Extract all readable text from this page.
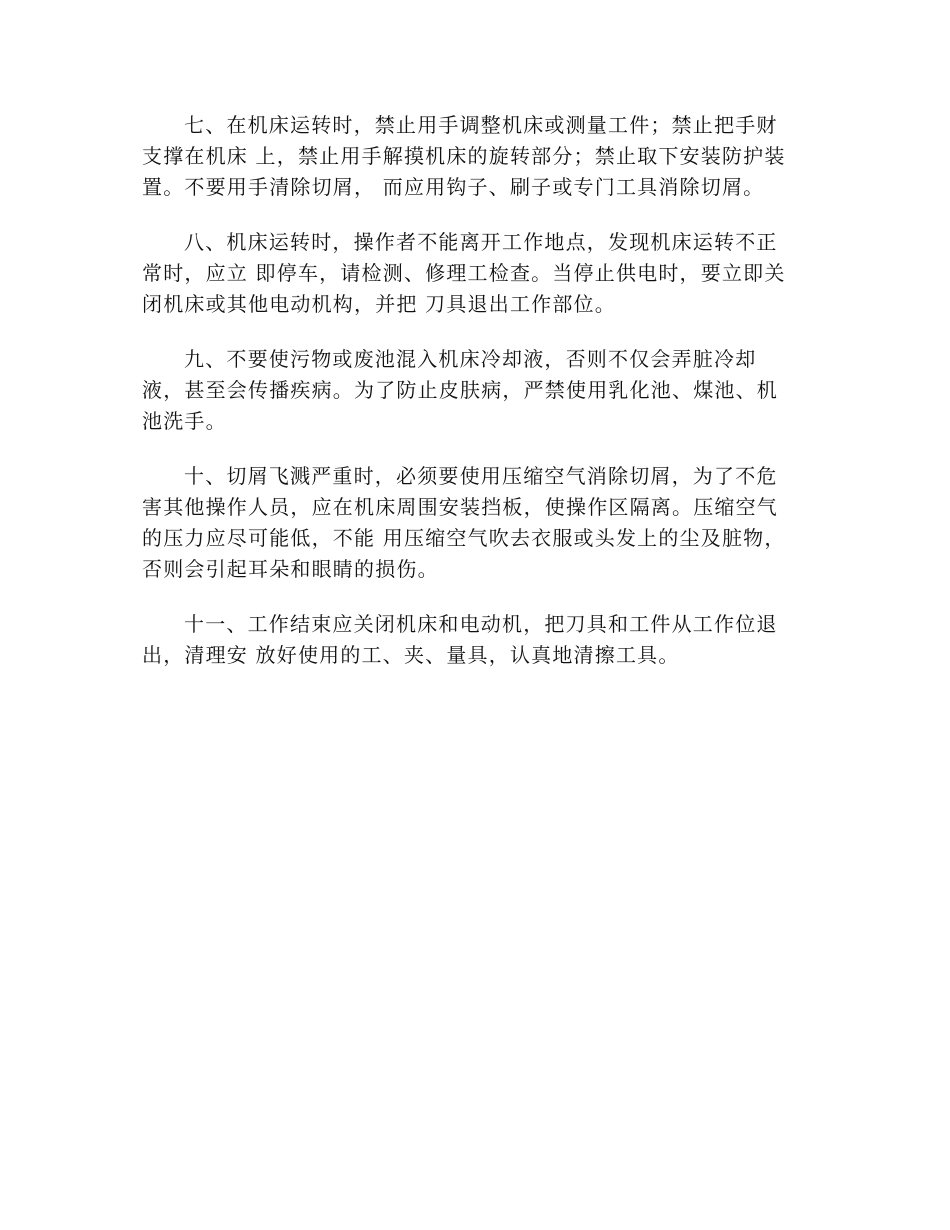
七、在机床运转时，禁止用手调整机床或测量工件；禁止把手财
支撑在机床 上，禁止用手解摸机床的旋转部分；禁止取下安装防护装
置。不要用手清除切屑， 而应用钩子、刷子或专门工具消除切屑。

八、机床运转时，操作者不能离开工作地点，发现机床运转不正
常时，应立 即停车，请检测、修理工检查。当停止供电时，要立即关
闭机床或其他电动机构，并把 刀具退出工作部位。

九、不要使污物或废池混入机床冷却液，否则不仅会弄脏冷却
液，甚至会传播疾病。为了防止皮肤病，严禁使用乳化池、煤池、机
池洗手。

十、切屑飞溅严重时，必须要使用压缩空气消除切屑，为了不危
害其他操作人员，应在机床周围安装挡板，使操作区隔离。压缩空气
的压力应尽可能低，不能 用压缩空气吹去衣服或头发上的尘及脏物，
否则会引起耳朵和眼睛的损伤。

十一、工作结束应关闭机床和电动机，把刀具和工件从工作位退
出，清理安 放好使用的工、夹、量具，认真地清擦工具。
